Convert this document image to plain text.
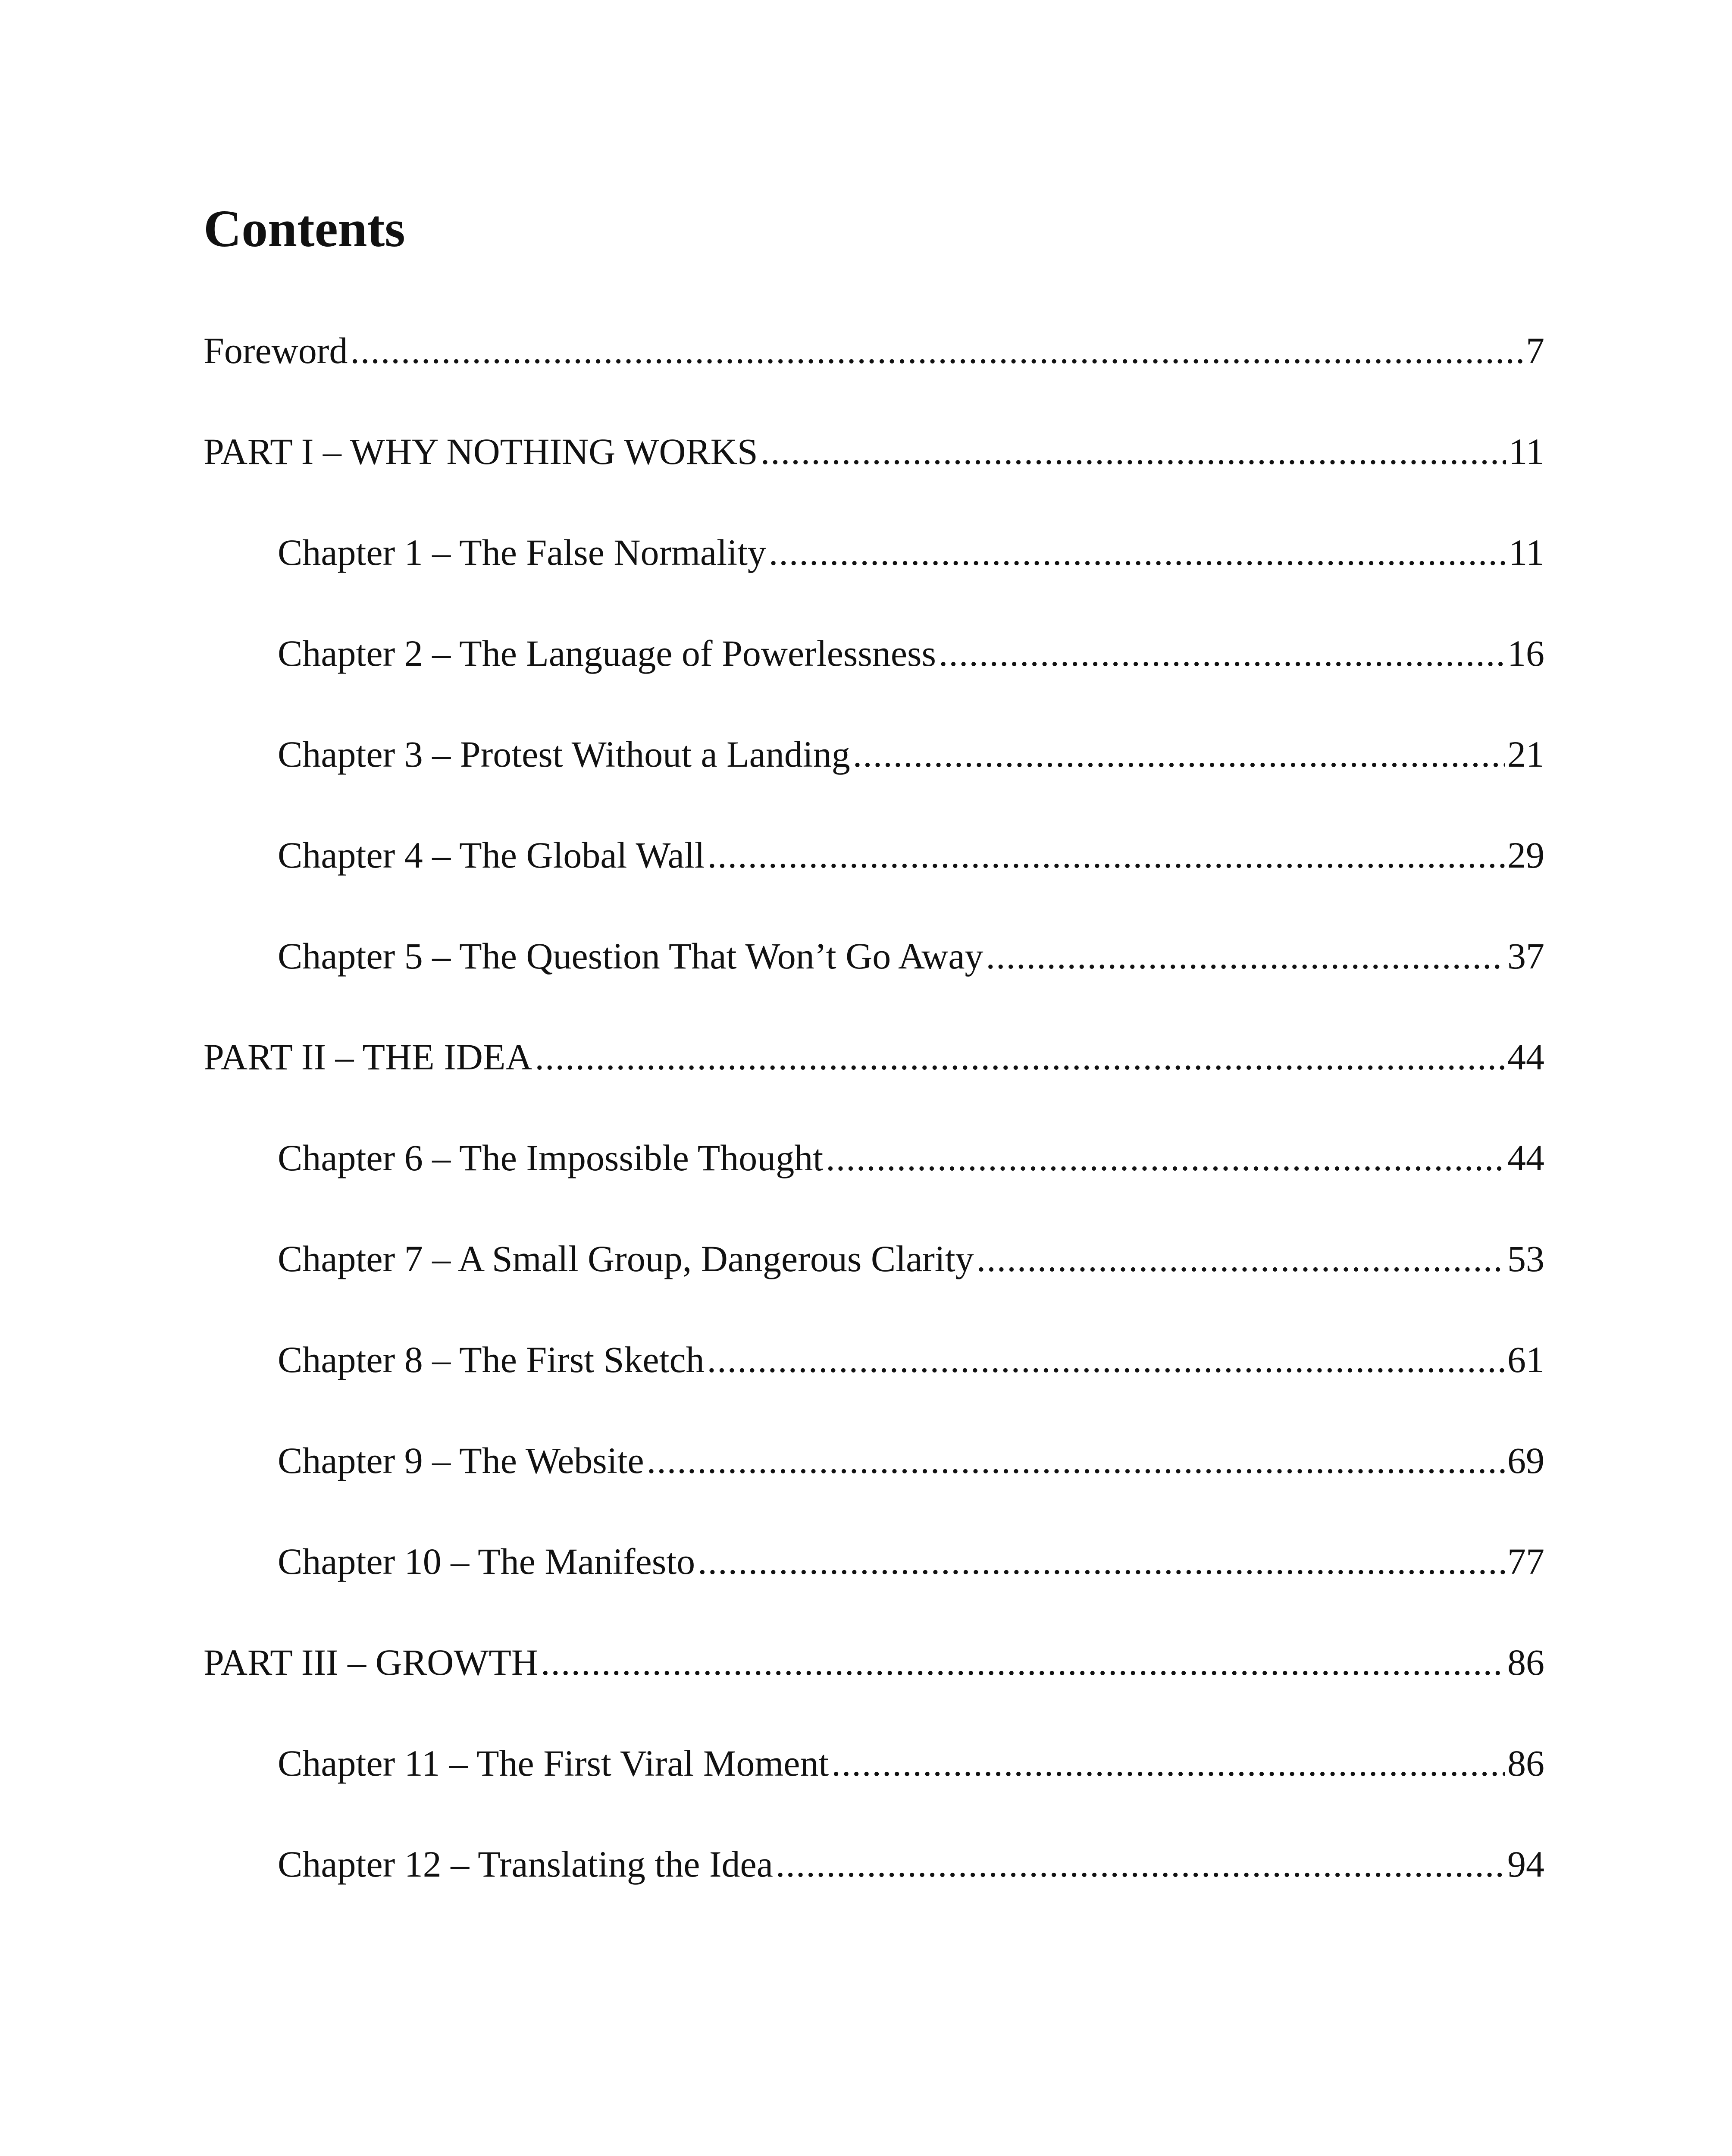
Contents
Foreword .....	7
PART I – WHY NOTHING WORKS .....	11
Chapter 1 – The False Normality .....	11
Chapter 2 – The Language of Powerlessness .....	16
Chapter 3 – Protest Without a Landing .....	21
Chapter 4 – The Global Wall .....	29
Chapter 5 – The Question That Won’t Go Away .....	37
PART II – THE IDEA .....	44
Chapter 6 – The Impossible Thought .....	44
Chapter 7 – A Small Group, Dangerous Clarity .....	53
Chapter 8 – The First Sketch .....	61
Chapter 9 – The Website .....	69
Chapter 10 – The Manifesto .....	77
PART III – GROWTH .....	86
Chapter 11 – The First Viral Moment .....	86
Chapter 12 – Translating the Idea .....	94
